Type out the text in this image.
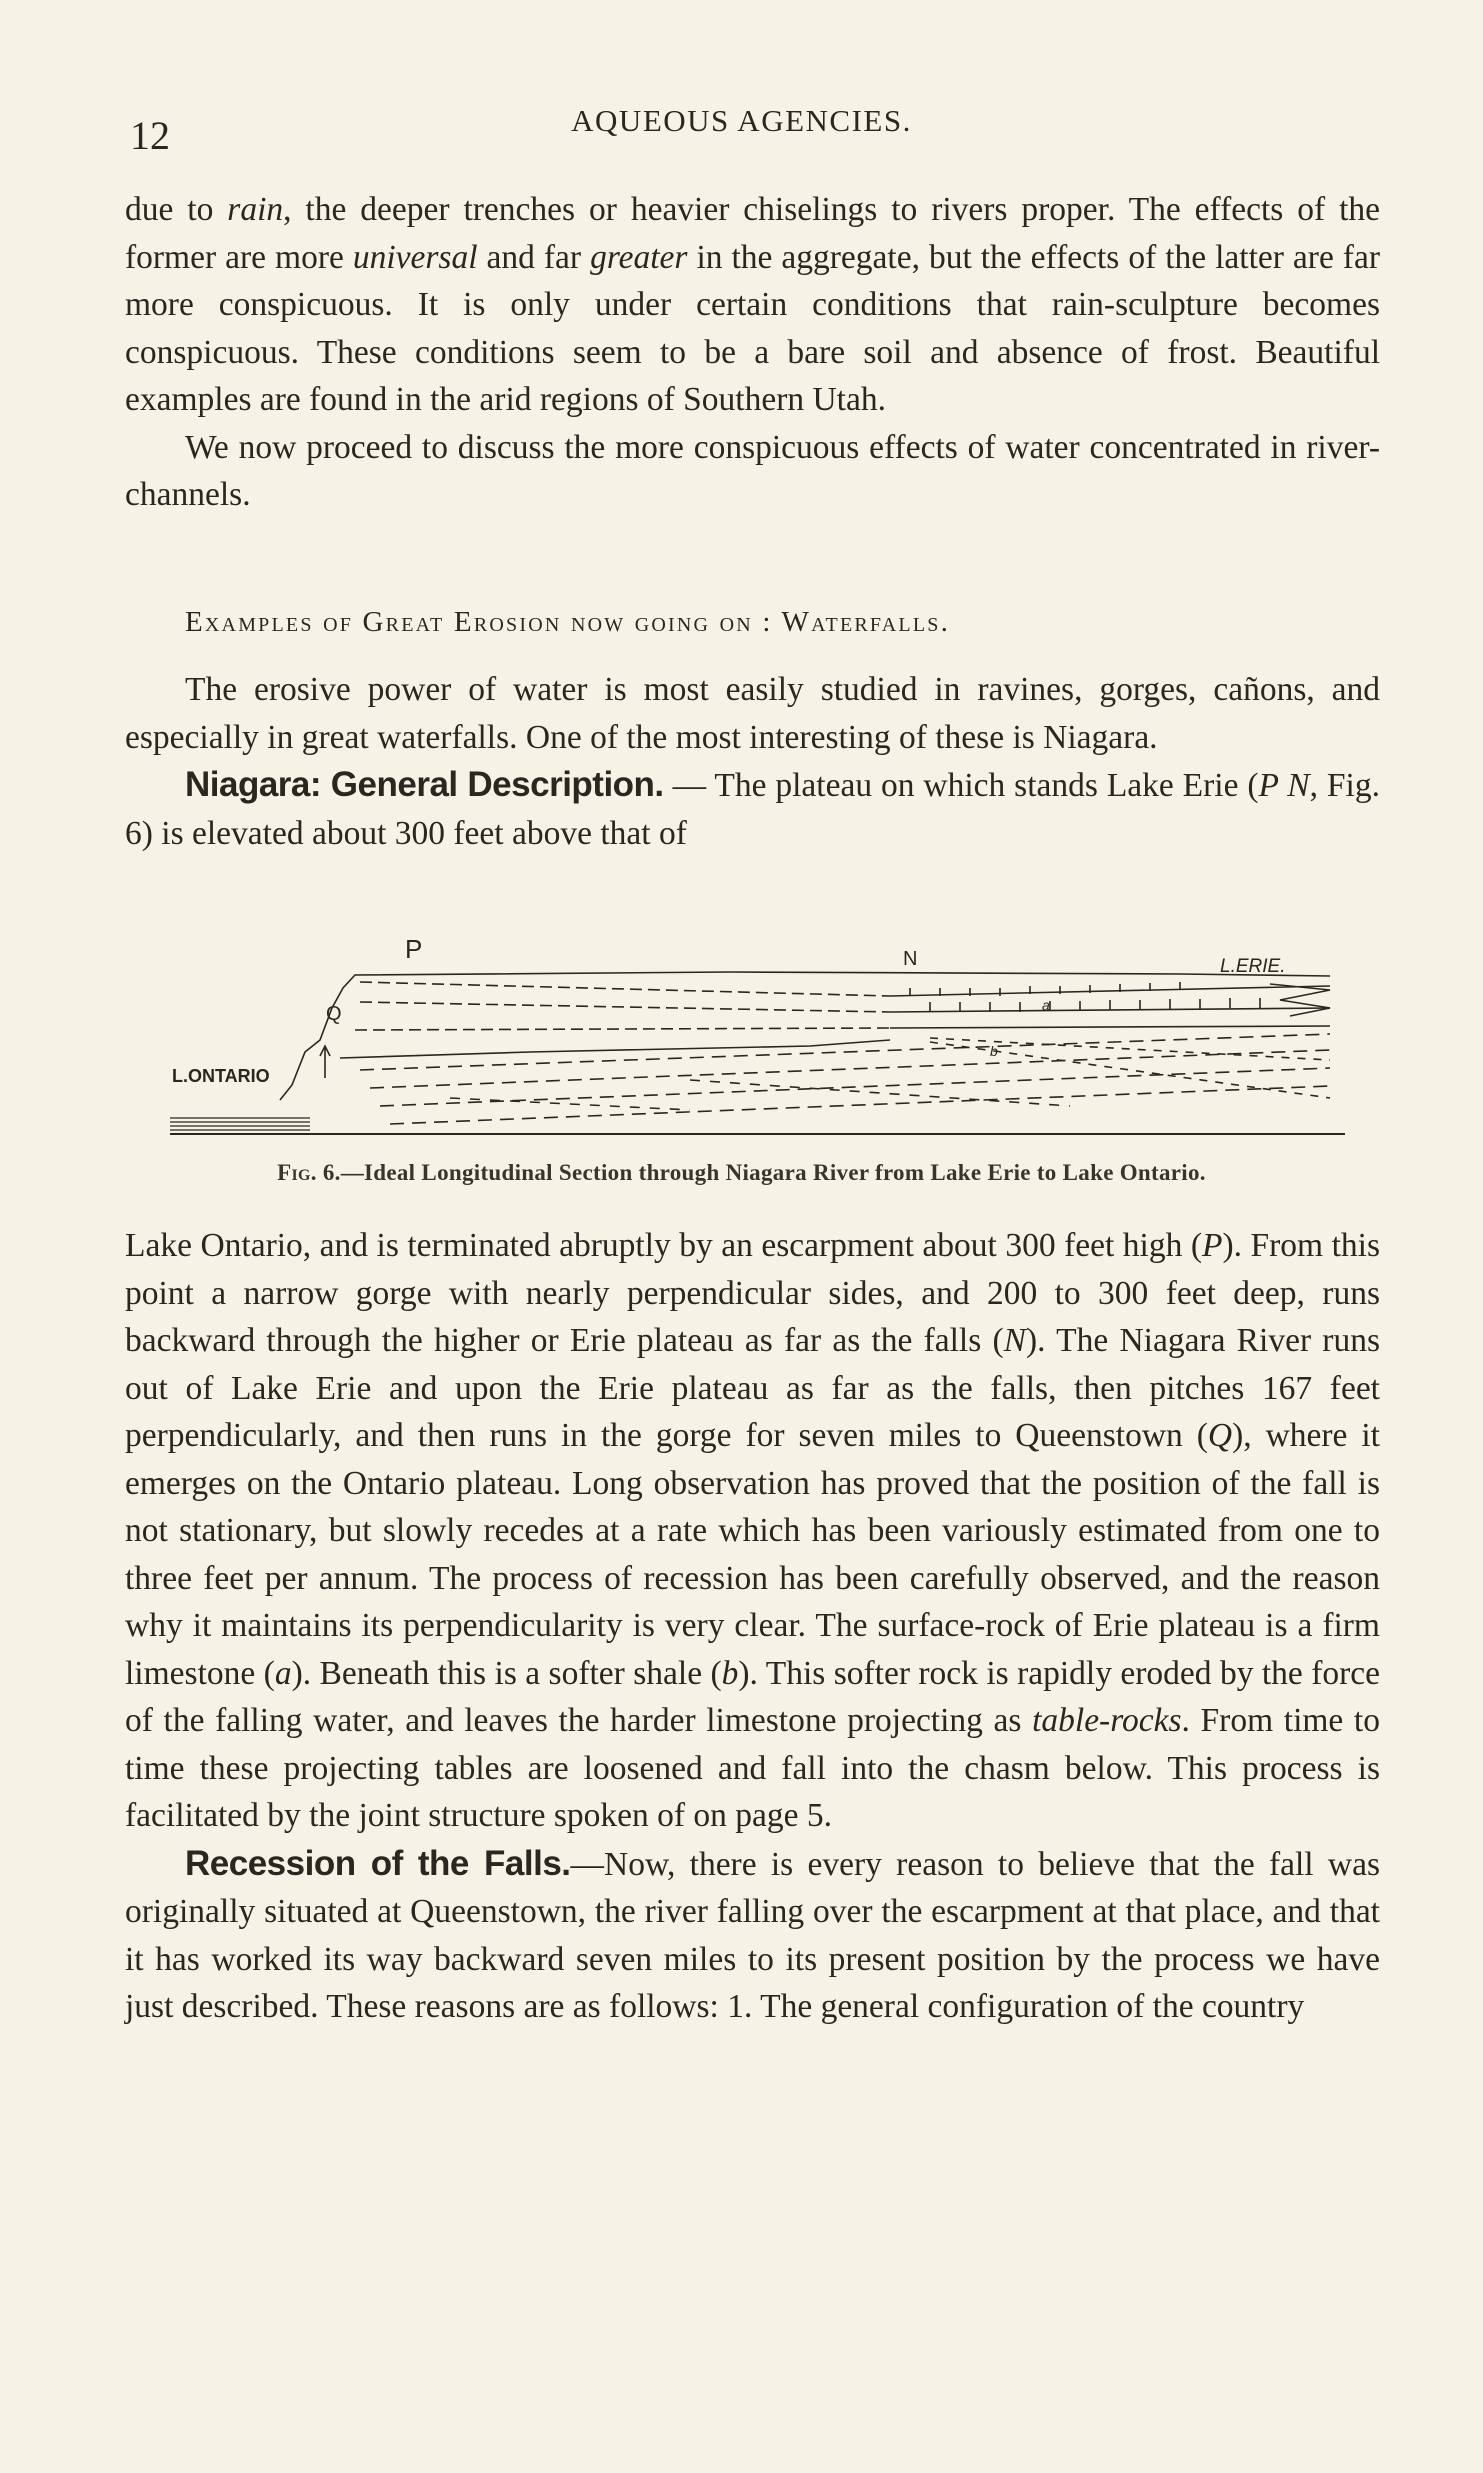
12	AQUEOUS AGENCIES.

due to rain, the deeper trenches or heavier chiselings to rivers proper. The effects of the former are more universal and far greater in the aggregate, but the effects of the latter are far more conspicuous. It is only under certain conditions that rain-sculpture becomes conspicuous. These conditions seem to be a bare soil and absence of frost. Beautiful examples are found in the arid regions of Southern Utah.

We now proceed to discuss the more conspicuous effects of water concentrated in river-channels.

Examples of Great Erosion now going on : Waterfalls.

The erosive power of water is most easily studied in ravines, gorges, cañons, and especially in great waterfalls. One of the most interesting of these is Niagara.

Niagara: General Description. — The plateau on which stands Lake Erie (P N, Fig. 6) is elevated about 300 feet above that of

P	N	L.ERIE.
Q
L.ONTARIO
a
b
Fig. 6.—Ideal Longitudinal Section through Niagara River from Lake Erie to Lake Ontario.

Lake Ontario, and is terminated abruptly by an escarpment about 300 feet high (P). From this point a narrow gorge with nearly perpendicular sides, and 200 to 300 feet deep, runs backward through the higher or Erie plateau as far as the falls (N). The Niagara River runs out of Lake Erie and upon the Erie plateau as far as the falls, then pitches 167 feet perpendicularly, and then runs in the gorge for seven miles to Queenstown (Q), where it emerges on the Ontario plateau. Long observation has proved that the position of the fall is not stationary, but slowly recedes at a rate which has been variously estimated from one to three feet per annum. The process of recession has been carefully observed, and the reason why it maintains its perpendicularity is very clear. The surface-rock of Erie plateau is a firm limestone (a). Beneath this is a softer shale (b). This softer rock is rapidly eroded by the force of the falling water, and leaves the harder limestone projecting as table-rocks. From time to time these projecting tables are loosened and fall into the chasm below. This process is facilitated by the joint structure spoken of on page 5.

Recession of the Falls.—Now, there is every reason to believe that the fall was originally situated at Queenstown, the river falling over the escarpment at that place, and that it has worked its way backward seven miles to its present position by the process we have just described. These reasons are as follows: 1. The general configuration of the country
